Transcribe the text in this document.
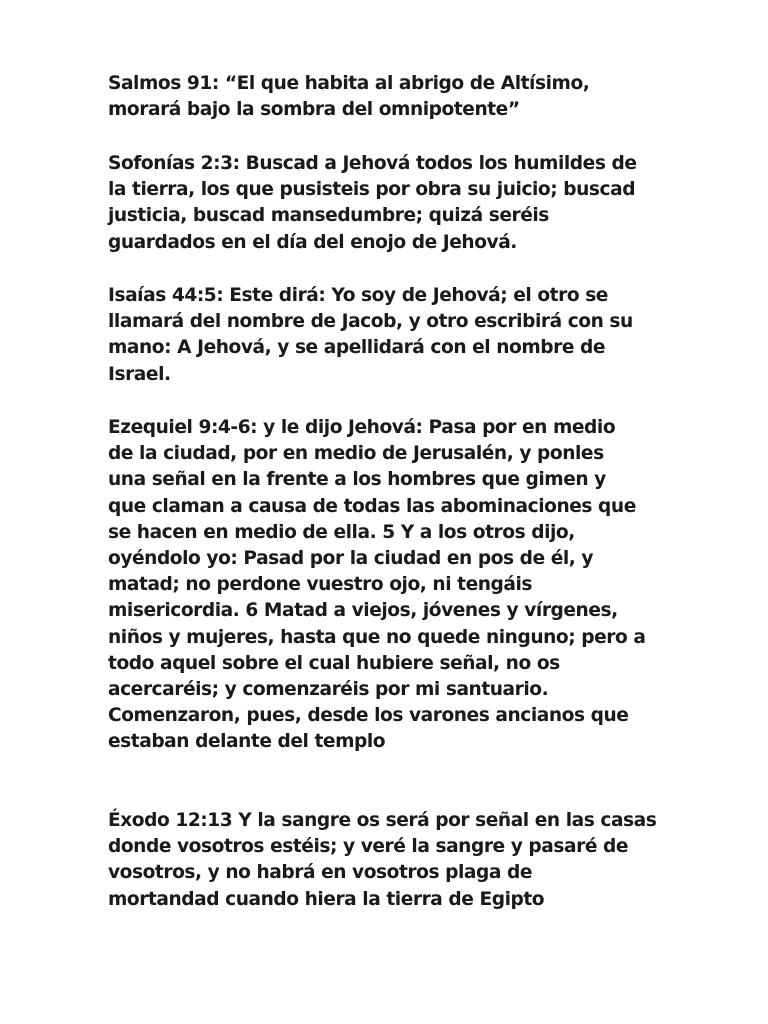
Salmos 91: “El que habita al abrigo de Altísimo,
morará bajo la sombra del omnipotente”

Sofonías 2:3: Buscad a Jehová todos los humildes de
la tierra, los que pusisteis por obra su juicio; buscad
justicia, buscad mansedumbre; quizá seréis
guardados en el día del enojo de Jehová.

Isaías 44:5: Este dirá: Yo soy de Jehová; el otro se
llamará del nombre de Jacob, y otro escribirá con su
mano: A Jehová, y se apellidará con el nombre de
Israel.

Ezequiel 9:4-6: y le dijo Jehová: Pasa por en medio
de la ciudad, por en medio de Jerusalén, y ponles
una señal en la frente a los hombres que gimen y
que claman a causa de todas las abominaciones que
se hacen en medio de ella. 5 Y a los otros dijo,
oyéndolo yo: Pasad por la ciudad en pos de él, y
matad; no perdone vuestro ojo, ni tengáis
misericordia. 6 Matad a viejos, jóvenes y vírgenes,
niños y mujeres, hasta que no quede ninguno; pero a
todo aquel sobre el cual hubiere señal, no os
acercaréis; y comenzaréis por mi santuario.
Comenzaron, pues, desde los varones ancianos que
estaban delante del templo

Éxodo 12:13 Y la sangre os será por señal en las casas
donde vosotros estéis; y veré la sangre y pasaré de
vosotros, y no habrá en vosotros plaga de
mortandad cuando hiera la tierra de Egipto
